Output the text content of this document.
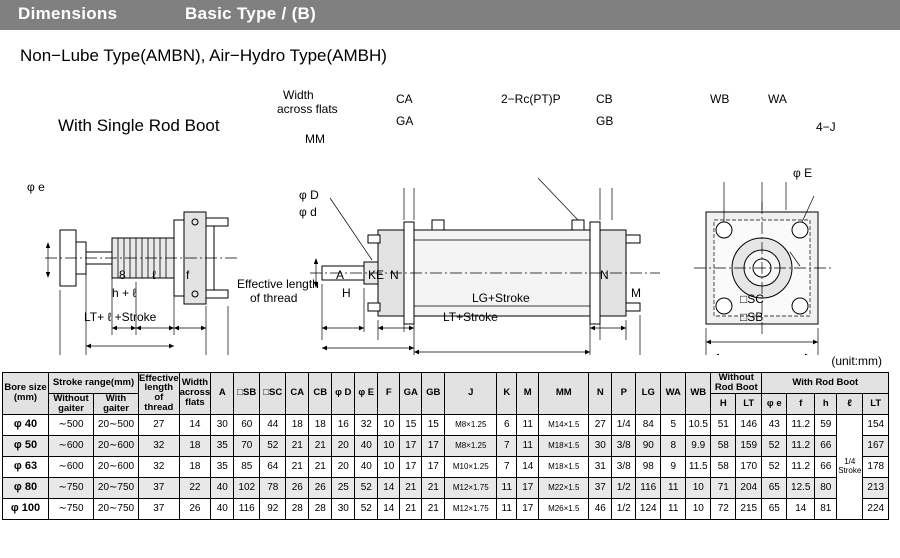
Dimensions	Basic Type / (B)
Non−Lube Type(AMBN), Air−Hydro Type(AMBH)
(unit:mm)
With Single Rod Boot
Width
across flats
MM
CA
GA
2−Rc(PT)P	CB
GB
WB	WA
4−J
φ E
φ e
φ D
φ d
8 ℓ	f
h + ℓ
Effective length
of thread
LT+ ℓ +Stroke
A KE N
H	LG+Stroke
N
M
LT+Stroke
□SC
□SB
Bore size
(mm)	Stroke range(mm)		Effective
length
of
thread	Width
across
flats	A	□SB	□SC	CA	CB	φ D	φ E	F	GA	GB	J	K	M	MM	N	P	LG	WA	WB	Without Rod Boot		With Rod Boot				
	Without gaiter	With gaiter																						H	LT	φ e	f	h	ℓ	LT
φ 40	∼500	20∼500	27	14	30	60	44	18	18	16	32	10	15	15	M8×1.25	6	11	M14×1.5	27	1/4	84	5	10.5	51	146	43	11.2	59	1/4 Stroke	154
φ 50	∼600	20∼600	32	18	35	70	52	21	21	20	40	10	17	17	M8×1.25	7	11	M18×1.5	30	3/8	90	8	9.9	58	159	52	11.2	66		167
φ 63	∼600	20∼600	32	18	35	85	64	21	21	20	40	10	17	17	M10×1.25	7	14	M18×1.5	31	3/8	98	9	11.5	58	170	52	11.2	66		178
φ 80	∼750	20∼750	37	22	40	102	78	26	26	25	52	14	21	21	M12×1.75	11	17	M22×1.5	37	1/2	116	11	10	71	204	65	12.5	80		213
φ 100	∼750	20∼750	37	26	40	116	92	28	28	30	52	14	21	21	M12×1.75	11	17	M26×1.5	46	1/2	124	11	10	72	215	65	14	81		224
